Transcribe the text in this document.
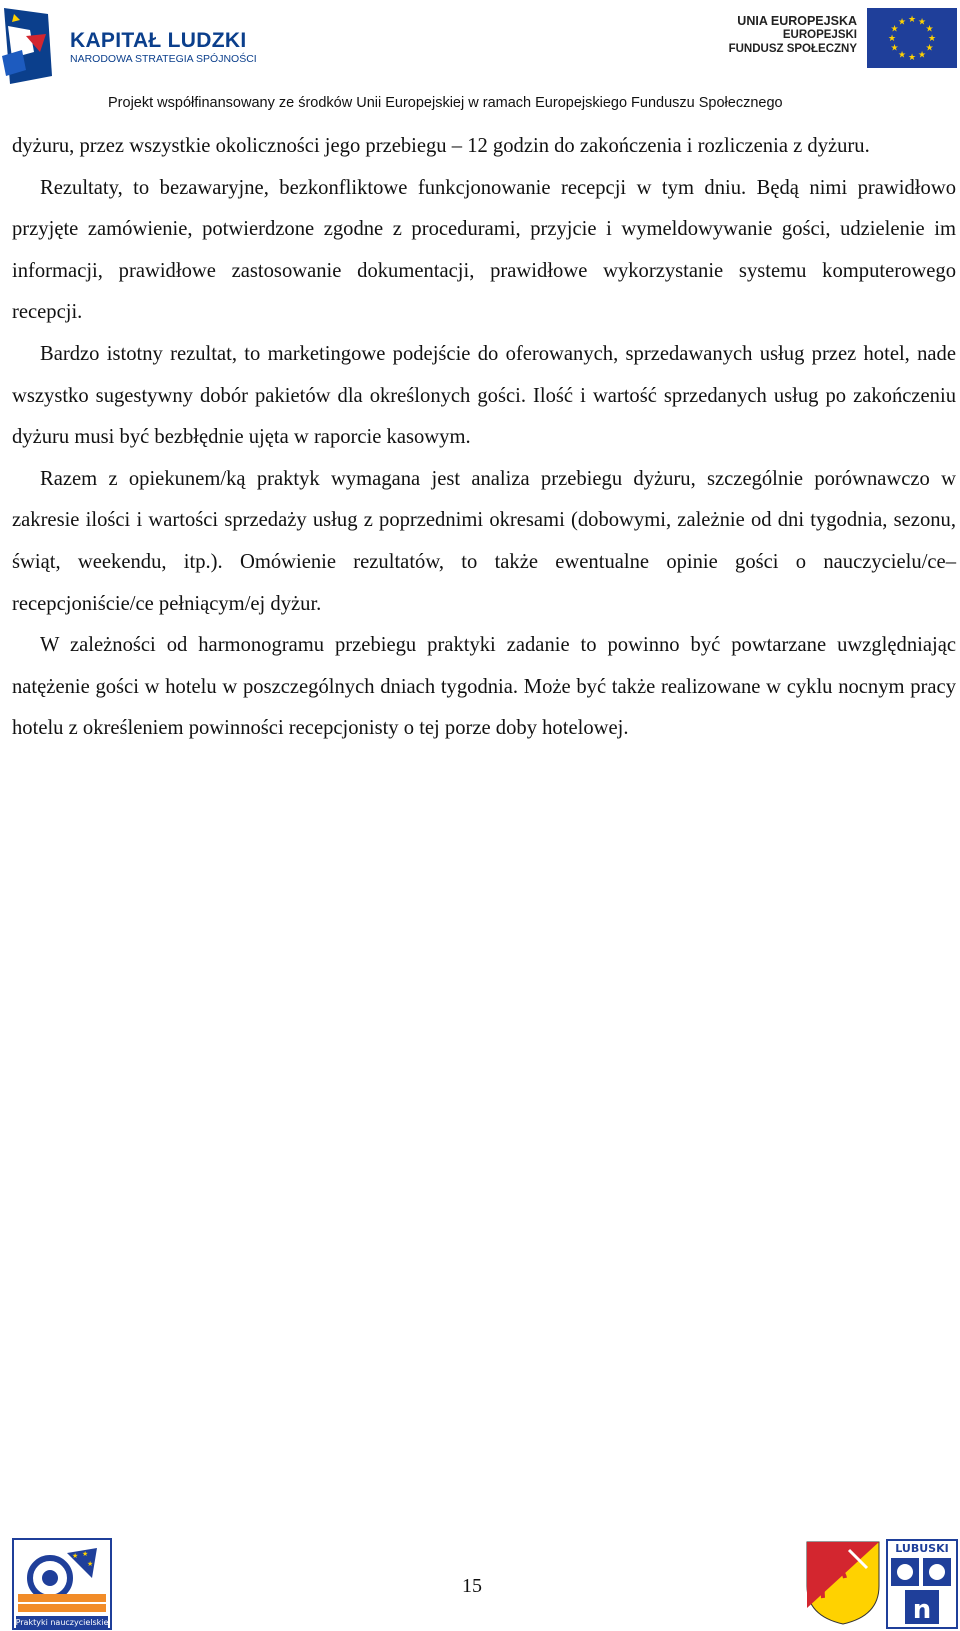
KAPITAŁ LUDZKI
NARODOWA STRATEGIA SPÓJNOŚCI
UNIA EUROPEJSKA
EUROPEJSKI
FUNDUSZ SPOŁECZNY
★ ★
★
★
★
★
★
★
★
★
★
★
Projekt współfinansowany ze środków Unii Europejskiej w ramach Europejskiego Funduszu Społecznego

dyżuru, przez wszystkie okoliczności jego przebiegu – 12 godzin do zakończenia i rozliczenia z dyżuru.

Rezultaty, to bezawaryjne, bezkonfliktowe funkcjonowanie recepcji w tym dniu. Będą nimi prawidłowo przyjęte zamówienie, potwierdzone zgodne z procedurami, przyjcie i wymeldowywanie gości, udzielenie im informacji, prawidłowe zastosowanie dokumentacji, prawidłowe wykorzystanie systemu komputerowego recepcji.

Bardzo istotny rezultat, to marketingowe podejście do oferowanych, sprzedawanych usług przez hotel, nade wszystko sugestywny dobór pakietów dla określonych gości. Ilość i wartość sprzedanych usług po zakończeniu dyżuru musi być bezbłędnie ujęta w raporcie kasowym.

Razem z opiekunem/ką praktyk wymagana jest analiza przebiegu dyżuru, szczególnie porównawczo w zakresie ilości i wartości sprzedaży usług z poprzednimi okresami (dobowymi, zależnie od dni tygodnia, sezonu, świąt, weekendu, itp.). Omówienie rezultatów, to także ewentualne opinie gości o nauczycielu/ce–recepcjoniście/ce pełniącym/ej dyżur.

W zależności od harmonogramu przebiegu praktyki zadanie to powinno być powtarzane uwzględniając natężenie gości w hotelu w poszczególnych dniach tygodnia. Może być także realizowane w cyklu nocnym pracy hotelu z określeniem powinności recepcjonisty o tej porze doby hotelowej.

★ ★
★
Praktyki nauczycielskie
15
LUBUSKI
n
